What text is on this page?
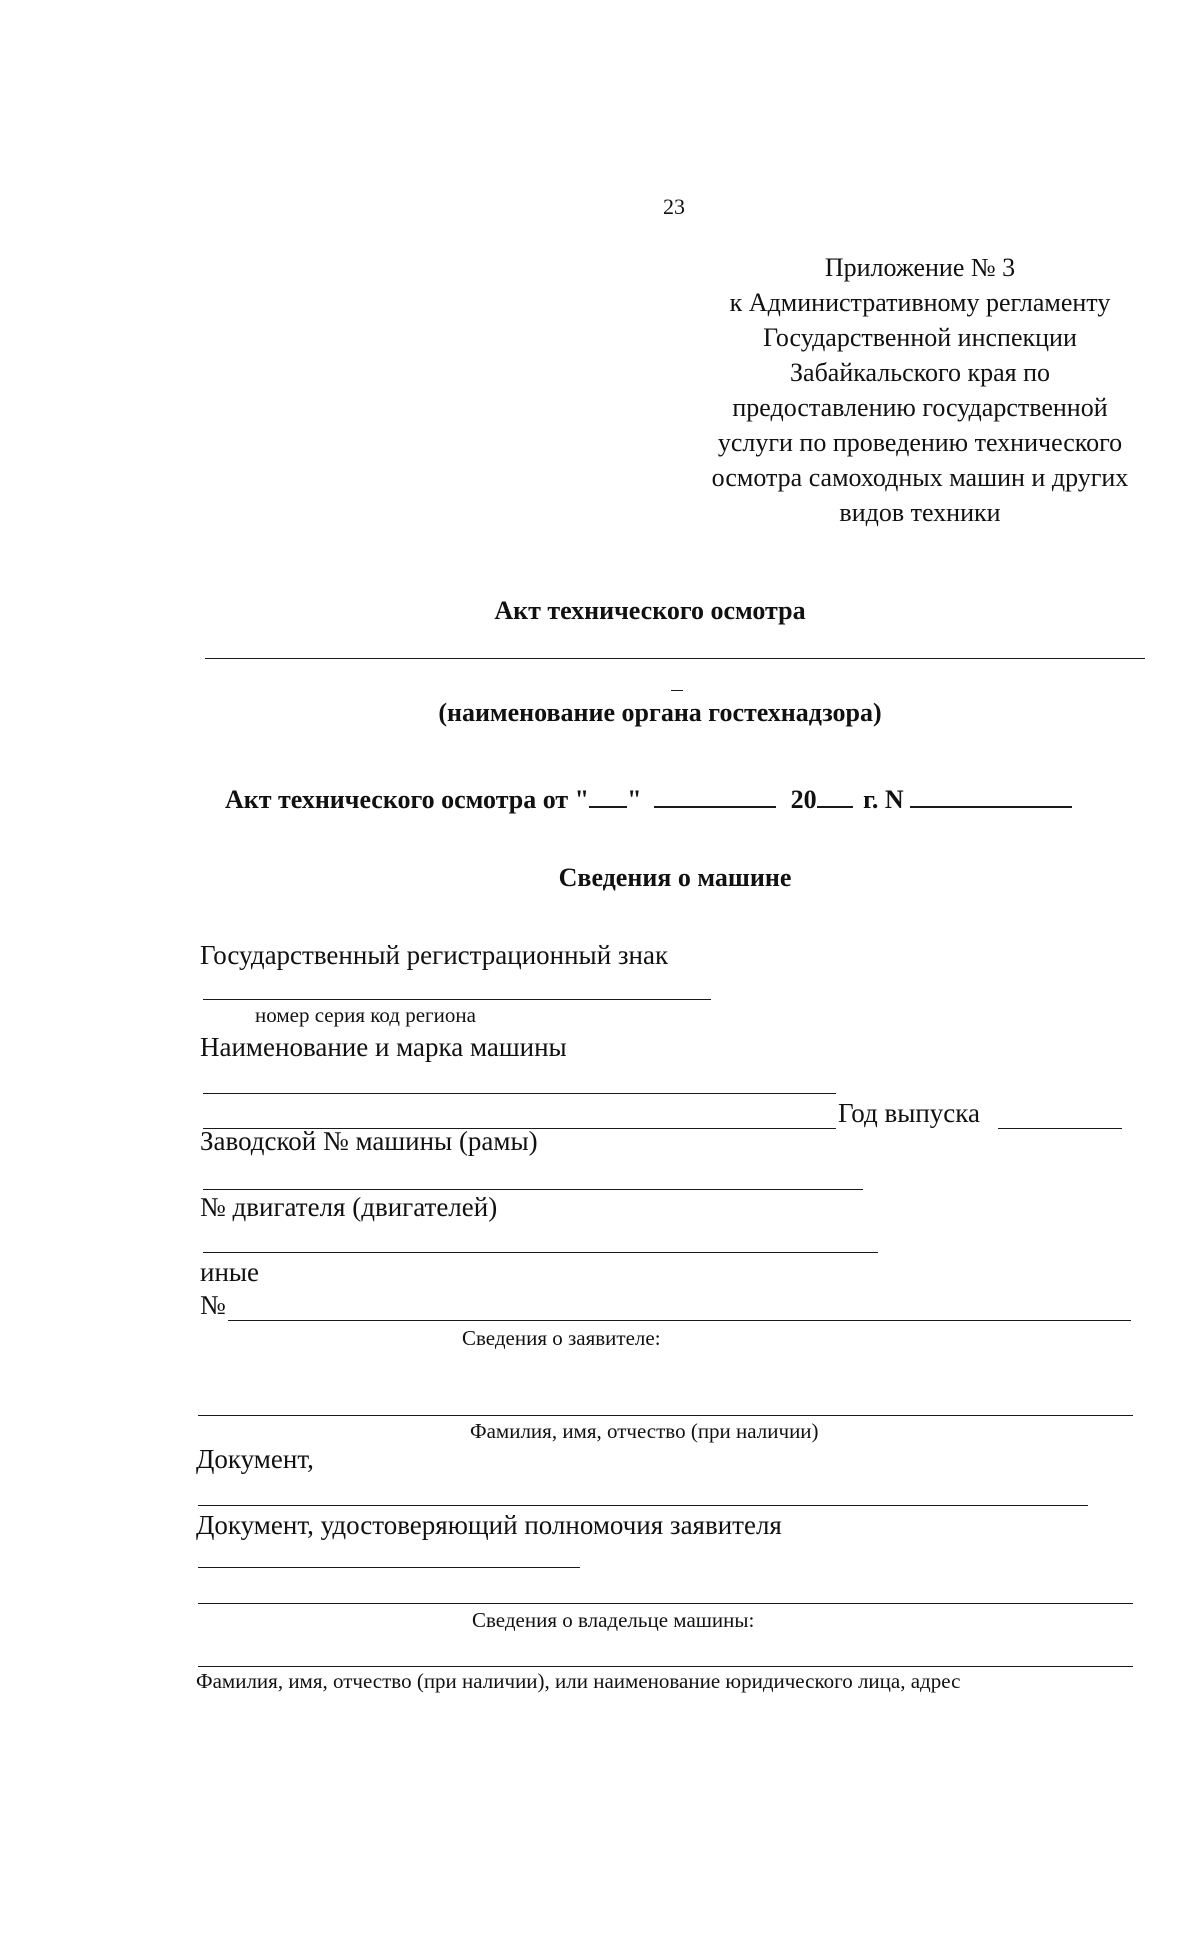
23
Приложение № 3
к Административному регламенту
Государственной инспекции
Забайкальского края по
предоставлению государственной
услуги по проведению технического
осмотра самоходных машин и других
видов техники
Акт технического осмотра
(наименование органа гостехнадзора)
Акт технического осмотра от " "	20 г. N
Сведения о машине
Государственный регистрационный знак
номер серия код региона
Наименование и марка машины
Год выпуска
Заводской № машины (рамы)
№ двигателя (двигателей)
иные
№
Сведения о заявителе:
Фамилия, имя, отчество (при наличии)
Документ,
Документ, удостоверяющий полномочия заявителя
Сведения о владельце машины:
Фамилия, имя, отчество (при наличии), или наименование юридического лица, адрес
